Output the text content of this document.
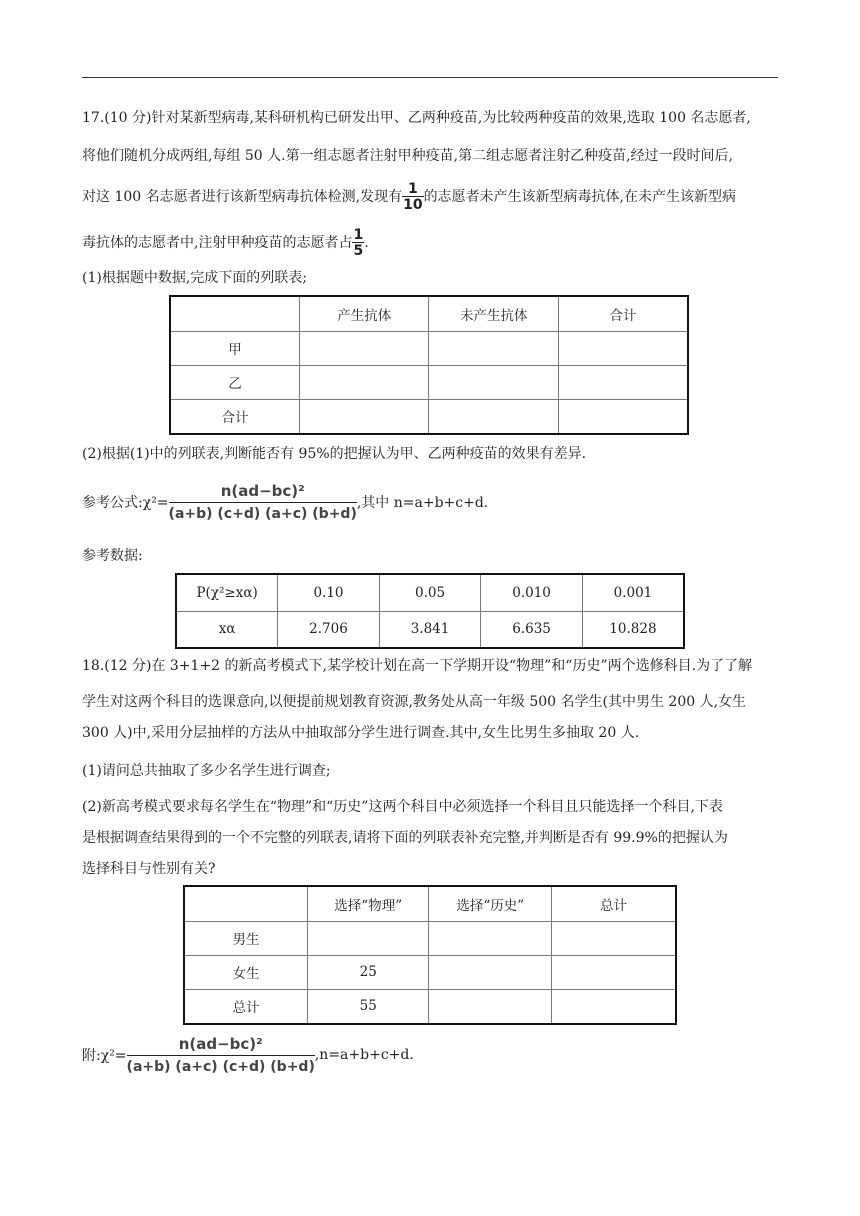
17.(10 分)针对某新型病毒,某科研机构已研发出甲、乙两种疫苗,为比较两种疫苗的效果,选取 100 名志愿者,
将他们随机分成两组,每组 50 人.第一组志愿者注射甲种疫苗,第二组志愿者注射乙种疫苗,经过一段时间后,
对这 100 名志愿者进行该新型病毒抗体检测,发现有 $\frac{1}{10}$ 的志愿者未产生该新型病毒抗体,在未产生该新型病
毒抗体的志愿者中,注射甲种疫苗的志愿者占 $\frac{1}{5}$ .
(1)根据题中数据,完成下面的列联表;
	产生抗体	未产生抗体	合计
甲			
乙			
合计			
(2)根据(1)中的列联表,判断能否有 95%的把握认为甲、乙两种疫苗的效果有差异.
参考公式:χ²= $\frac{\text{n(ad−bc)²}}{(a+b) (c+d) (a+c) (b+d)}$ ,其中 n=a+b+c+d.
参考数据:
P(χ²≥xα)	0.10	0.05	0.010	0.001
xα	2.706	3.841	6.635	10.828
18.(12 分)在 3+1+2 的新高考模式下,某学校计划在高一下学期开设“物理”和“历史”两个选修科目.为了了解
学生对这两个科目的选课意向,以便提前规划教育资源,教务处从高一年级 500 名学生(其中男生 200 人,女生
300 人)中,采用分层抽样的方法从中抽取部分学生进行调查.其中,女生比男生多抽取 20 人.
(1)请问总共抽取了多少名学生进行调查;
(2)新高考模式要求每名学生在“物理”和“历史”这两个科目中必须选择一个科目且只能选择一个科目,下表
是根据调查结果得到的一个不完整的列联表,请将下面的列联表补充完整,并判断是否有 99.9%的把握认为
选择科目与性别有关?
	选择“物理”	选择“历史”	总计
男生			
女生	25		
总计	55		
附:χ²= $\frac{\text{n(ad−bc)²}}{(a+b) (a+c) (c+d) (b+d)} ,n=a+b+c+d$.
